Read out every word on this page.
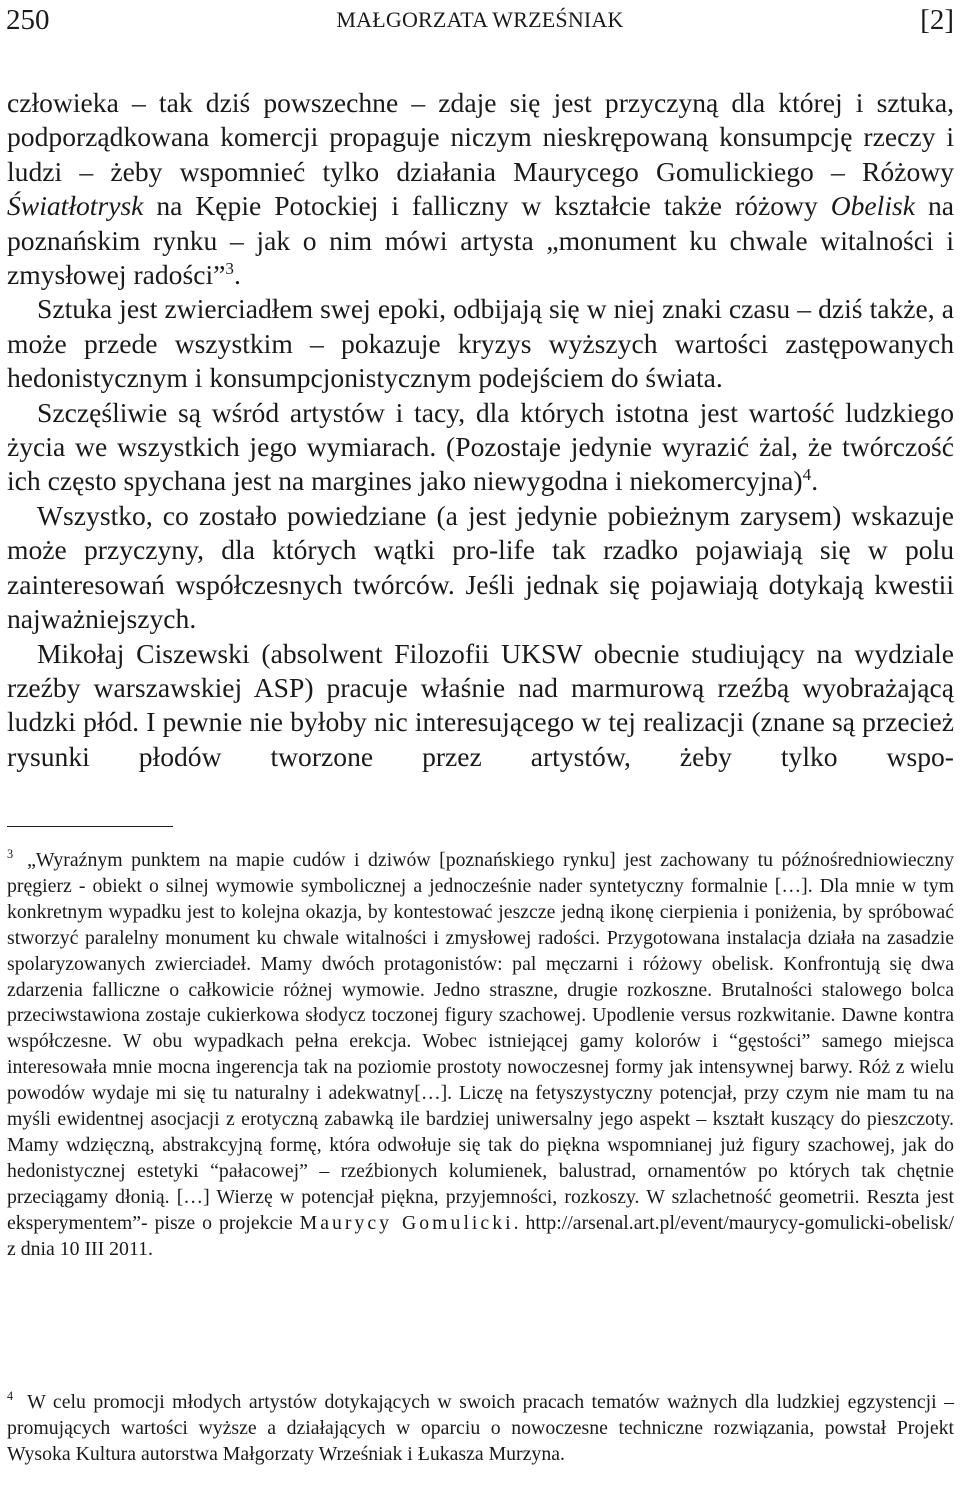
250	MAŁGORZATA WRZEŚNIAK	[2]

człowieka – tak dziś powszechne – zdaje się jest przyczyną dla której i sztuka, podporządkowana komercji propaguje niczym nieskrępowaną konsumpcję rzeczy i ludzi – żeby wspomnieć tylko działania Maurycego Gomulickiego – Różowy Światłotrysk na Kępie Potockiej i falliczny w kształcie także różowy Obelisk na poznańskim rynku – jak o nim mówi artysta „monument ku chwale witalności i zmysłowej radości”$^3$.

Sztuka jest zwierciadłem swej epoki, odbijają się w niej znaki czasu – dziś także, a może przede wszystkim – pokazuje kryzys wyższych wartości zastępowanych hedonistycznym i konsumpcjonistycznym podejściem do świata.

Szczęśliwie są wśród artystów i tacy, dla których istotna jest wartość ludzkiego życia we wszystkich jego wymiarach. (Pozostaje jedynie wyrazić żal, że twórczość ich często spychana jest na margines jako niewygodna i niekomercyjna)$^4$.

Wszystko, co zostało powiedziane (a jest jedynie pobieżnym zarysem) wskazuje może przyczyny, dla których wątki pro-life tak rzadko pojawiają się w polu zainteresowań współczesnych twórców. Jeśli jednak się pojawiają dotykają kwestii najważniejszych.

Mikołaj Ciszewski (absolwent Filozofii UKSW obecnie studiujący na wydziale rzeźby warszawskiej ASP) pracuje właśnie nad marmurową rzeźbą wyobrażającą ludzki płód. I pewnie nie byłoby nic interesującego w tej realizacji (znane są przecież rysunki płodów tworzone przez artystów, żeby tylko wspo-

$^3$ „Wyraźnym punktem na mapie cudów i dziwów [poznańskiego rynku] jest zachowany tu późnośredniowieczny pręgierz - obiekt o silnej wymowie symbolicznej a jednocześnie nader syntetyczny formalnie […]. Dla mnie w tym konkretnym wypadku jest to kolejna okazja, by kontestować jeszcze jedną ikonę cierpienia i poniżenia, by spróbować stworzyć paralelny monument ku chwale witalności i zmysłowej radości. Przygotowana instalacja działa na zasadzie spolaryzowanych zwierciadeł. Mamy dwóch protagonistów: pal męczarni i różowy obelisk. Konfrontują się dwa zdarzenia falliczne o całkowicie różnej wymowie. Jedno straszne, drugie rozkoszne. Brutalności stalowego bolca przeciwstawiona zostaje cukierkowa słodycz toczonej figury szachowej. Upodlenie versus rozkwitanie. Dawne kontra współczesne. W obu wypadkach pełna erekcja. Wobec istniejącej gamy kolorów i “gęstości” samego miejsca interesowała mnie mocna ingerencja tak na poziomie prostoty nowoczesnej formy jak intensywnej barwy. Róż z wielu powodów wydaje mi się tu naturalny i adekwatny[…]. Liczę na fetyszystyczny potencjał, przy czym nie mam tu na myśli ewidentnej asocjacji z erotyczną zabawką ile bardziej uniwersalny jego aspekt – kształt kuszący do pieszczoty. Mamy wdzięczną, abstrakcyjną formę, która odwołuje się tak do piękna wspomnianej już figury szachowej, jak do hedonistycznej estetyki “pałacowej” – rzeźbionych kolumienek, balustrad, ornamentów po których tak chętnie przeciągamy dłonią. […] Wierzę w potencjał piękna, przyjemności, rozkoszy. W szlachetność geometrii. Reszta jest eksperymentem”- pisze o projekcie Maurycy Gomulicki. http://arsenal.art.pl/event/maurycy-gomulicki-obelisk/ z dnia 10 III 2011.

$^4$ W celu promocji młodych artystów dotykających w swoich pracach tematów ważnych dla ludzkiej egzystencji – promujących wartości wyższe a działających w oparciu o nowoczesne techniczne rozwiązania, powstał Projekt Wysoka Kultura autorstwa Małgorzaty Wrześniak i Łukasza Murzyna.
